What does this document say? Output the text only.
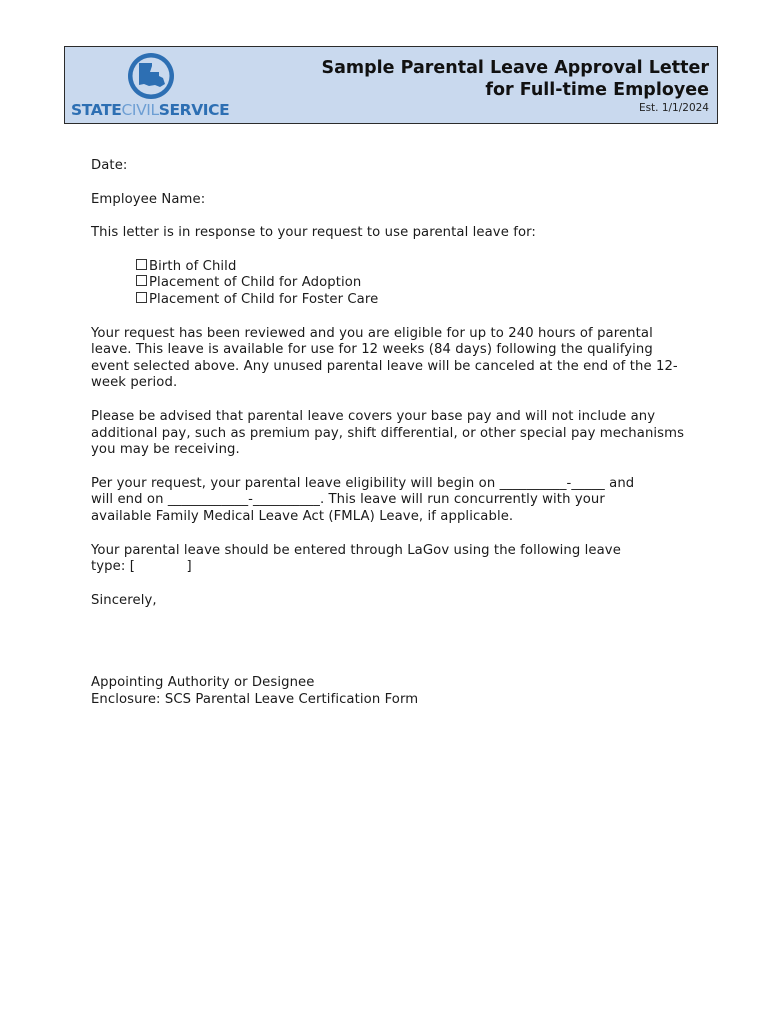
STATECIVILSERVICE
Sample Parental Leave Approval Letter
for Full-time Employee
Est. 1/1/2024
Date:
Employee Name:
This letter is in response to your request to use parental leave for:
Birth of Child
Placement of Child for Adoption
Placement of Child for Foster Care
Your request has been reviewed and you are eligible for up to 240 hours of parental leave. This leave is available for use for 12 weeks (84 days) following the qualifying event selected above. Any unused parental leave will be canceled at the end of the 12-week period.
Please be advised that parental leave covers your base pay and will not include any additional pay, such as premium pay, shift differential, or other special pay mechanisms you may be receiving.
Per your request, your parental leave eligibility will begin on __________-_____ and
will end on ____________-__________. This leave will run concurrently with your
available Family Medical Leave Act (FMLA) Leave, if applicable.
Your parental leave should be entered through LaGov using the following leave
type: [            ]
Sincerely,
Appointing Authority or Designee
Enclosure: SCS Parental Leave Certification Form
